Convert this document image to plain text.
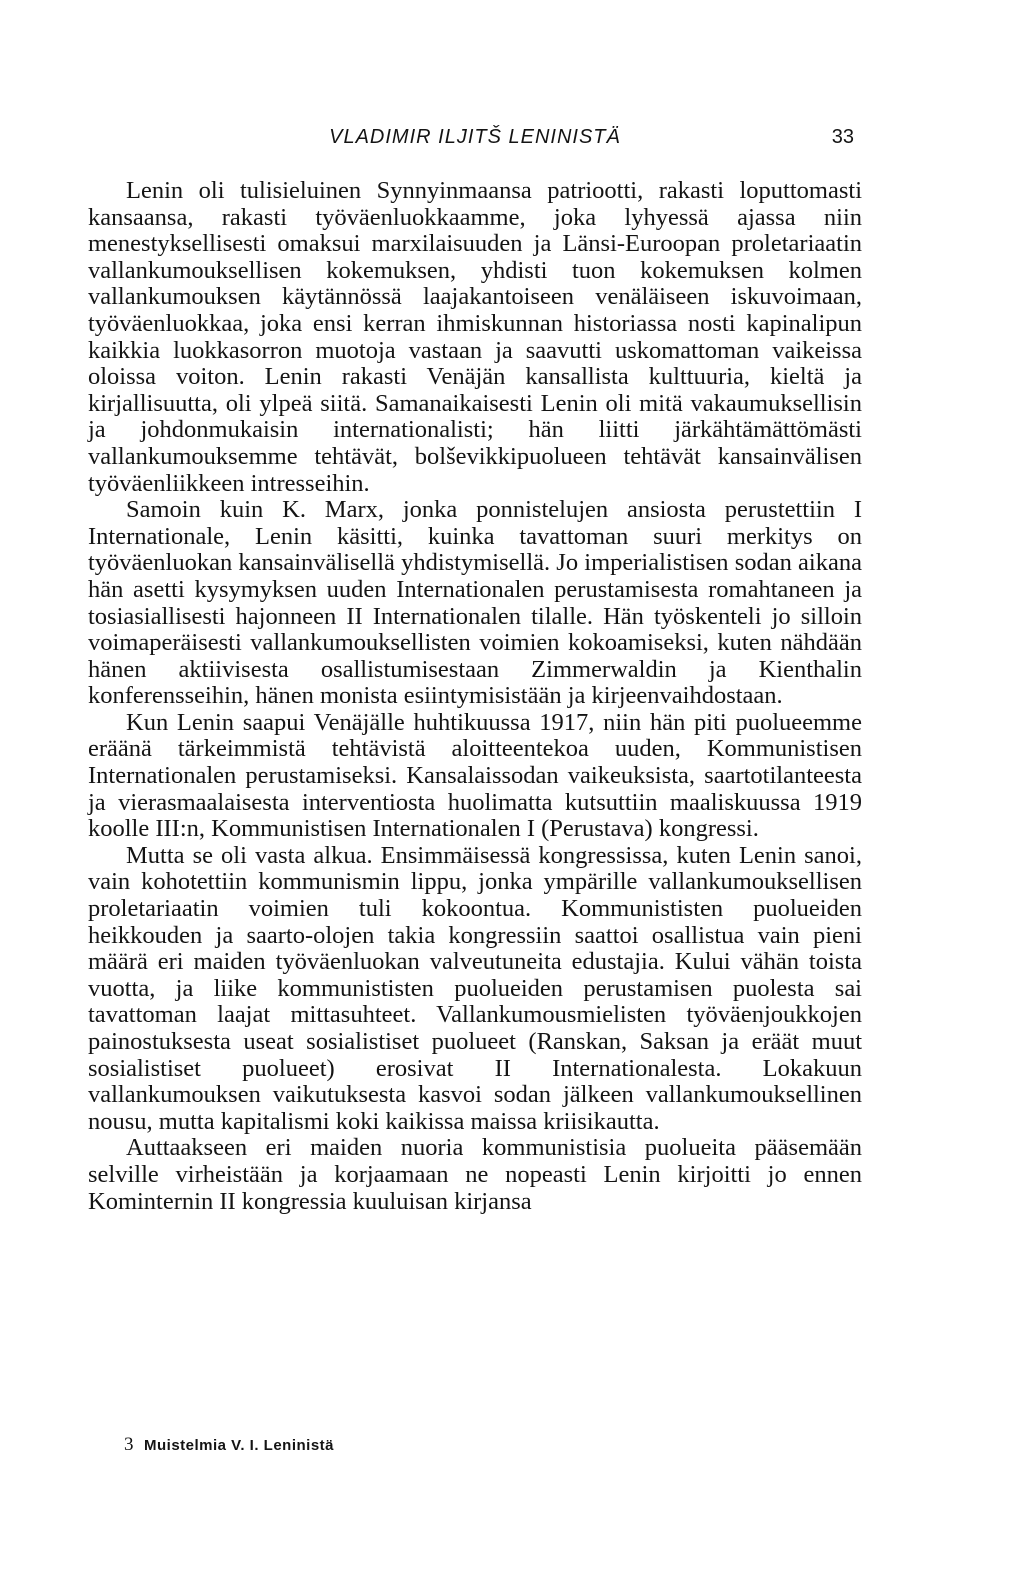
VLADIMIR ILJITŠ LENINISTÄ	33

Lenin oli tulisieluinen Synnyinmaansa patriootti, rakasti loputtomasti kansaansa, rakasti työväenluokkaamme, joka lyhyessä ajassa niin menestyksellisesti omaksui marxilaisuuden ja Länsi-Euroopan proletariaatin vallankumouksellisen kokemuksen, yhdisti tuon kokemuksen kolmen vallankumouksen käytännössä laajakantoiseen venäläiseen iskuvoimaan, työväenluokkaa, joka ensi kerran ihmiskunnan historiassa nosti kapinalipun kaikkia luokkasorron muotoja vastaan ja saavutti uskomattoman vaikeissa oloissa voiton. Lenin rakasti Venäjän kansallista kulttuuria, kieltä ja kirjallisuutta, oli ylpeä siitä. Samanaikaisesti Lenin oli mitä vakaumuksellisin ja johdonmukaisin internationalisti; hän liitti järkähtämättömästi vallankumouksemme tehtävät, bolševikkipuolueen tehtävät kansainvälisen työväenliikkeen intresseihin.

Samoin kuin K. Marx, jonka ponnistelujen ansiosta perustettiin I Internationale, Lenin käsitti, kuinka tavattoman suuri merkitys on työväenluokan kansainvälisellä yhdistymisellä. Jo imperialistisen sodan aikana hän asetti kysymyksen uuden Internationalen perustamisesta romahtaneen ja tosiasiallisesti hajonneen II Internationalen tilalle. Hän työskenteli jo silloin voimaperäisesti vallankumouksellisten voimien kokoamiseksi, kuten nähdään hänen aktiivisesta osallistumisestaan Zimmerwaldin ja Kienthalin konferensseihin, hänen monista esiintymisistään ja kirjeenvaihdostaan.

Kun Lenin saapui Venäjälle huhtikuussa 1917, niin hän piti puolueemme eräänä tärkeimmistä tehtävistä aloitteentekoa uuden, Kommunistisen Internationalen perustamiseksi. Kansalaissodan vaikeuksista, saartotilanteesta ja vierasmaalaisesta interventiosta huolimatta kutsuttiin maaliskuussa 1919 koolle III:n, Kommunistisen Internationalen I (Perustava) kongressi.

Mutta se oli vasta alkua. Ensimmäisessä kongressissa, kuten Lenin sanoi, vain kohotettiin kommunismin lippu, jonka ympärille vallankumouksellisen proletariaatin voimien tuli kokoontua. Kommunististen puolueiden heikkouden ja saarto-olojen takia kongressiin saattoi osallistua vain pieni määrä eri maiden työväenluokan valveutuneita edustajia. Kului vähän toista vuotta, ja liike kommunististen puolueiden perustamisen puolesta sai tavattoman laajat mittasuhteet. Vallankumousmielisten työväenjoukkojen painostuksesta useat sosialistiset puolueet (Ranskan, Saksan ja eräät muut sosialistiset puolueet) erosivat II Internationalesta. Lokakuun vallankumouksen vaikutuksesta kasvoi sodan jälkeen vallankumouksellinen nousu, mutta kapitalismi koki kaikissa maissa kriisikautta.

Auttaakseen eri maiden nuoria kommunistisia puolueita pääsemään selville virheistään ja korjaamaan ne nopeasti Lenin kirjoitti jo ennen Kominternin II kongressia kuuluisan kirjansa

3 Muistelmia V. I. Leninistä
